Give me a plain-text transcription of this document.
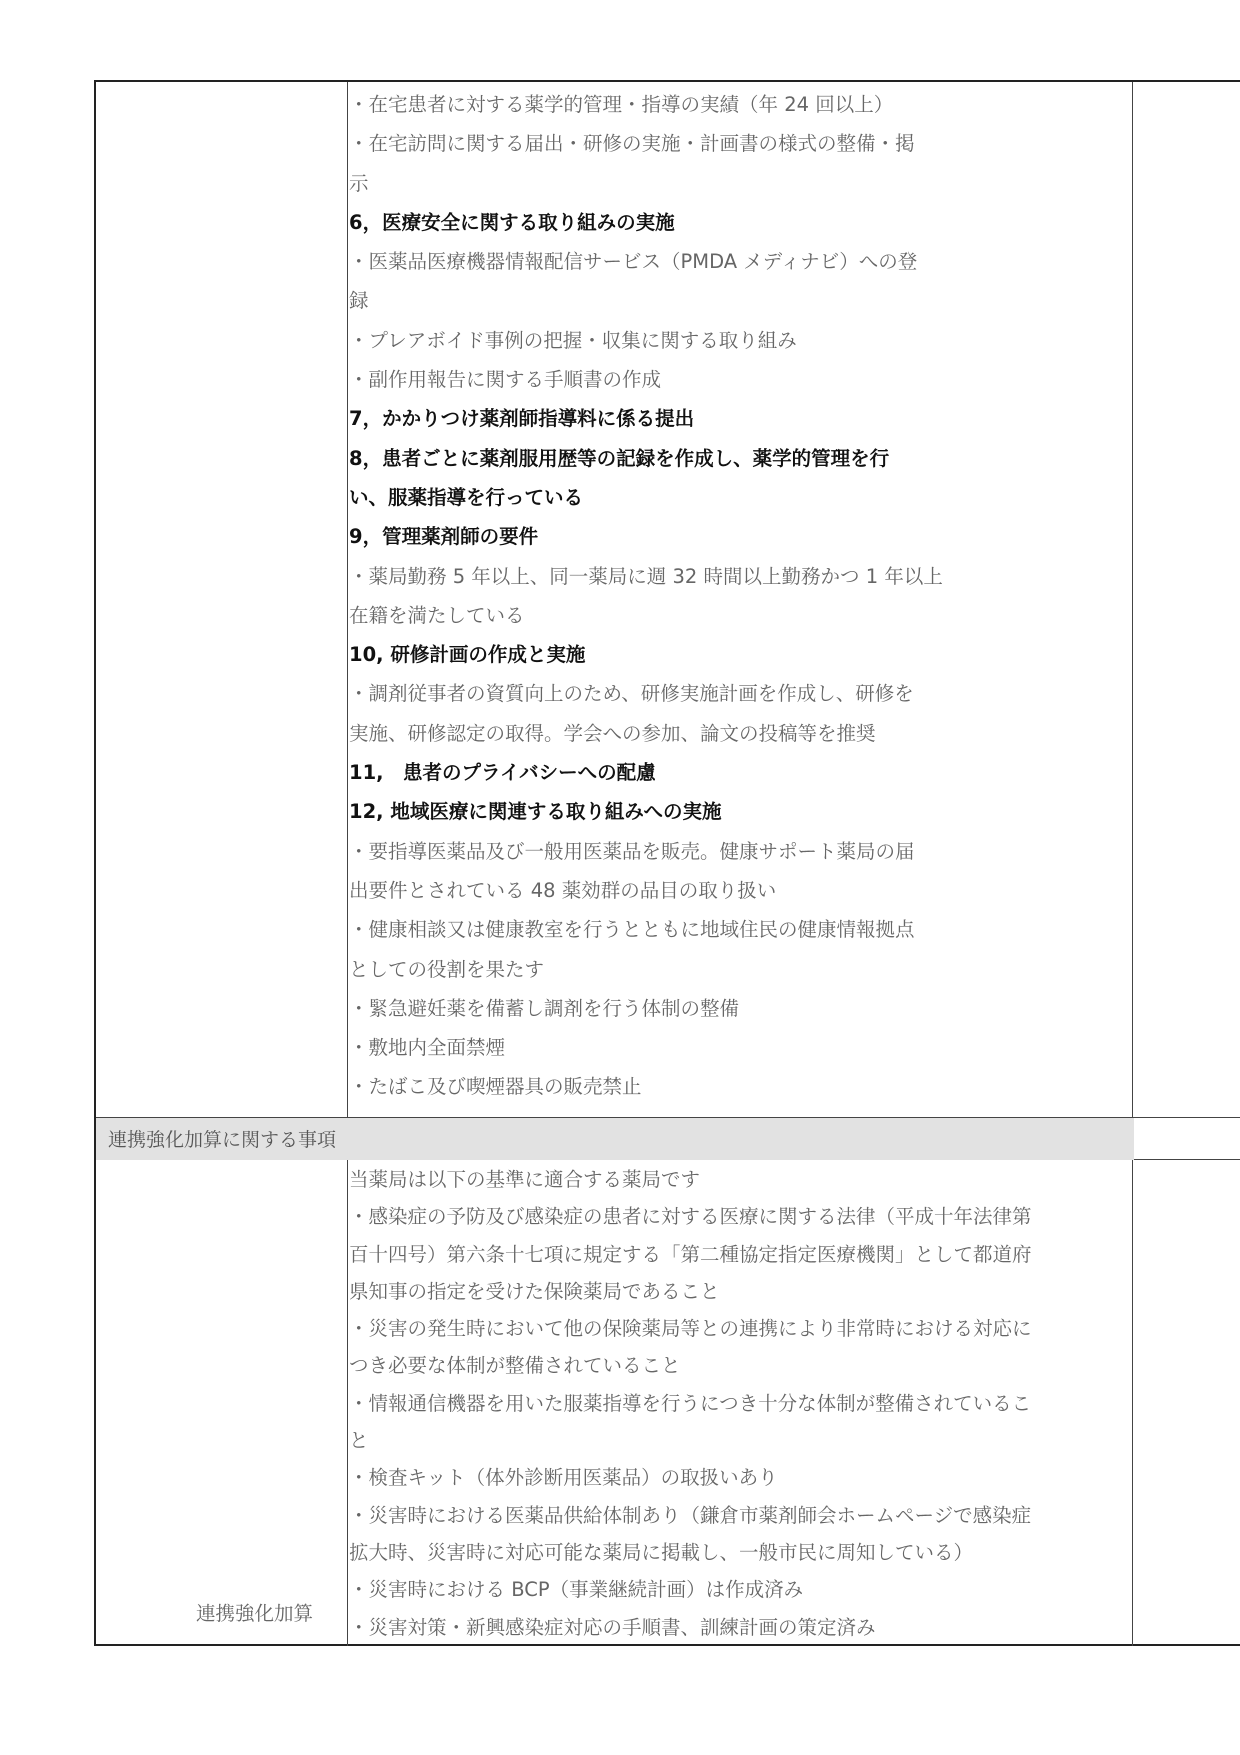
連携強化加算に関する事項
・在宅患者に対する薬学的管理・指導の実績（年 24 回以上）
・在宅訪問に関する届出・研修の実施・計画書の様式の整備・掲
示
6，医療安全に関する取り組みの実施
・医薬品医療機器情報配信サービス（PMDA メディナビ）への登
録
・プレアボイド事例の把握・収集に関する取り組み
・副作用報告に関する手順書の作成
7，かかりつけ薬剤師指導料に係る提出
8，患者ごとに薬剤服用歴等の記録を作成し、薬学的管理を行
い、服薬指導を行っている
9，管理薬剤師の要件
・薬局勤務 5 年以上、同一薬局に週 32 時間以上勤務かつ 1 年以上
在籍を満たしている
10, 研修計画の作成と実施
・調剤従事者の資質向上のため、研修実施計画を作成し、研修を
実施、研修認定の取得。学会への参加、論文の投稿等を推奨
11,　患者のプライバシーへの配慮
12, 地域医療に関連する取り組みへの実施
・要指導医薬品及び一般用医薬品を販売。健康サポート薬局の届
出要件とされている 48 薬効群の品目の取り扱い
・健康相談又は健康教室を行うとともに地域住民の健康情報拠点
としての役割を果たす
・緊急避妊薬を備蓄し調剤を行う体制の整備
・敷地内全面禁煙
・たばこ及び喫煙器具の販売禁止
当薬局は以下の基準に適合する薬局です
・感染症の予防及び感染症の患者に対する医療に関する法律（平成十年法律第
百十四号）第六条十七項に規定する「第二種協定指定医療機関」として都道府
県知事の指定を受けた保険薬局であること
・災害の発生時において他の保険薬局等との連携により非常時における対応に
つき必要な体制が整備されていること
・情報通信機器を用いた服薬指導を行うにつき十分な体制が整備されているこ
と
・検査キット（体外診断用医薬品）の取扱いあり
・災害時における医薬品供給体制あり（鎌倉市薬剤師会ホームページで感染症
拡大時、災害時に対応可能な薬局に掲載し、一般市民に周知している）
・災害時における BCP（事業継続計画）は作成済み
・災害対策・新興感染症対応の手順書、訓練計画の策定済み
連携強化加算
